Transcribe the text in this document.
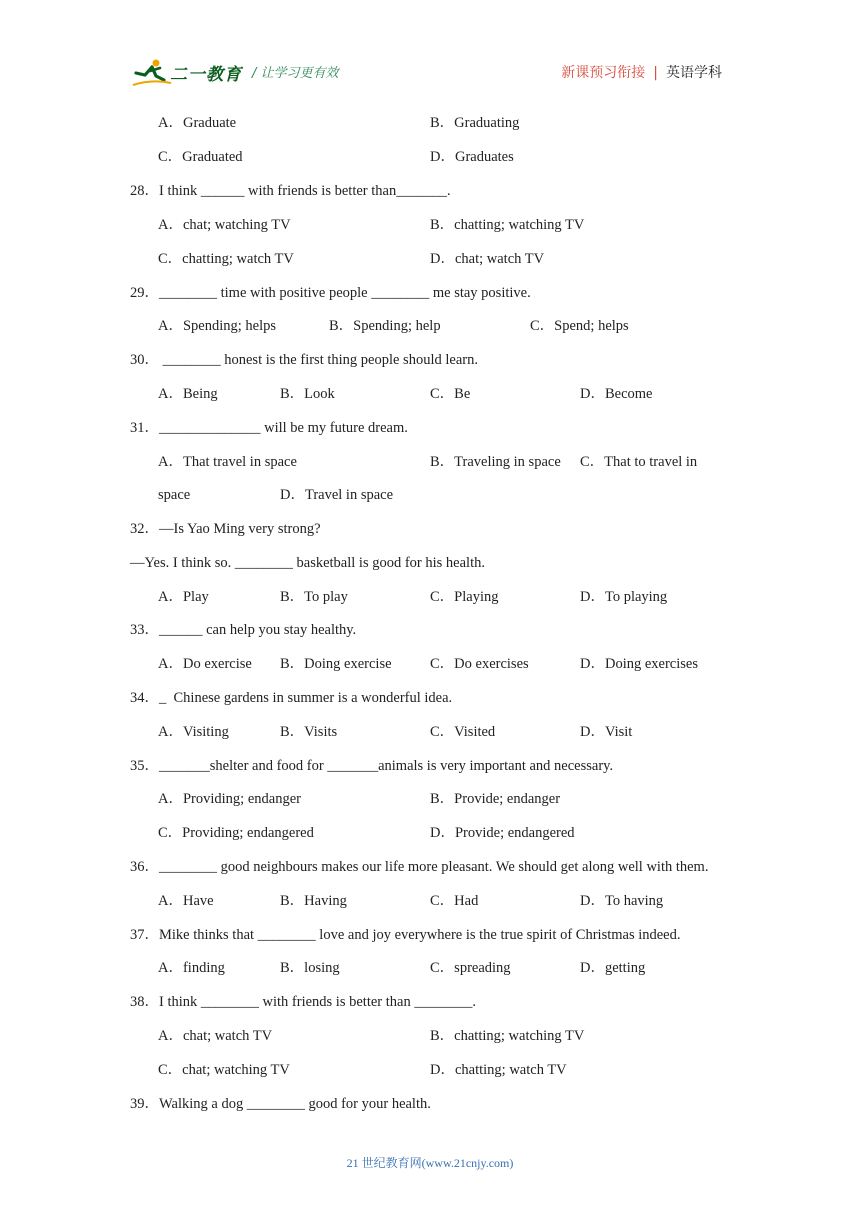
二一教育 / 让学习更有效	新课预习衔接 | 英语学科
A．Graduate	B．Graduating
C．Graduated	D．Graduates
28．I think ______ with friends is better than_______.
A．chat; watching TV	B．chatting; watching TV
C．chatting; watch TV	D．chat; watch TV
29．________ time with positive people ________ me stay positive.
A．Spending; helps	B．Spending; help	C．Spend; helps
30． ________ honest is the first thing people should learn.
A．Being	B．Look	C．Be	D．Become
31．______________ will be my future dream.
A．That travel in space	B．Traveling in space C．That to travel in
space	D．Travel in space
32．—Is Yao Ming very strong?
—Yes. I think so. ________ basketball is good for his health.
A．Play	B．To play	C．Playing	D．To playing
33．______ can help you stay healthy.
A．Do exercise B．Doing exercise	C．Do exercises	D．Doing exercises
34．_  Chinese gardens in summer is a wonderful idea.
A．Visiting	B．Visits	C．Visited	D．Visit
35．_______shelter and food for _______animals is very important and necessary.
A．Providing; endanger	B．Provide; endanger
C．Providing; endangered	D．Provide; endangered
36．________ good neighbours makes our life more pleasant. We should get along well with them.
A．Have	B．Having	C．Had	D．To having
37．Mike thinks that ________ love and joy everywhere is the true spirit of Christmas indeed.
A．finding	B．losing	C．spreading	D．getting
38．I think ________ with friends is better than ________.
A．chat; watch TV	B．chatting; watching TV
C．chat; watching TV	D．chatting; watch TV
39．Walking a dog ________ good for your health.
21 世纪教育网(www.21cnjy.com)
